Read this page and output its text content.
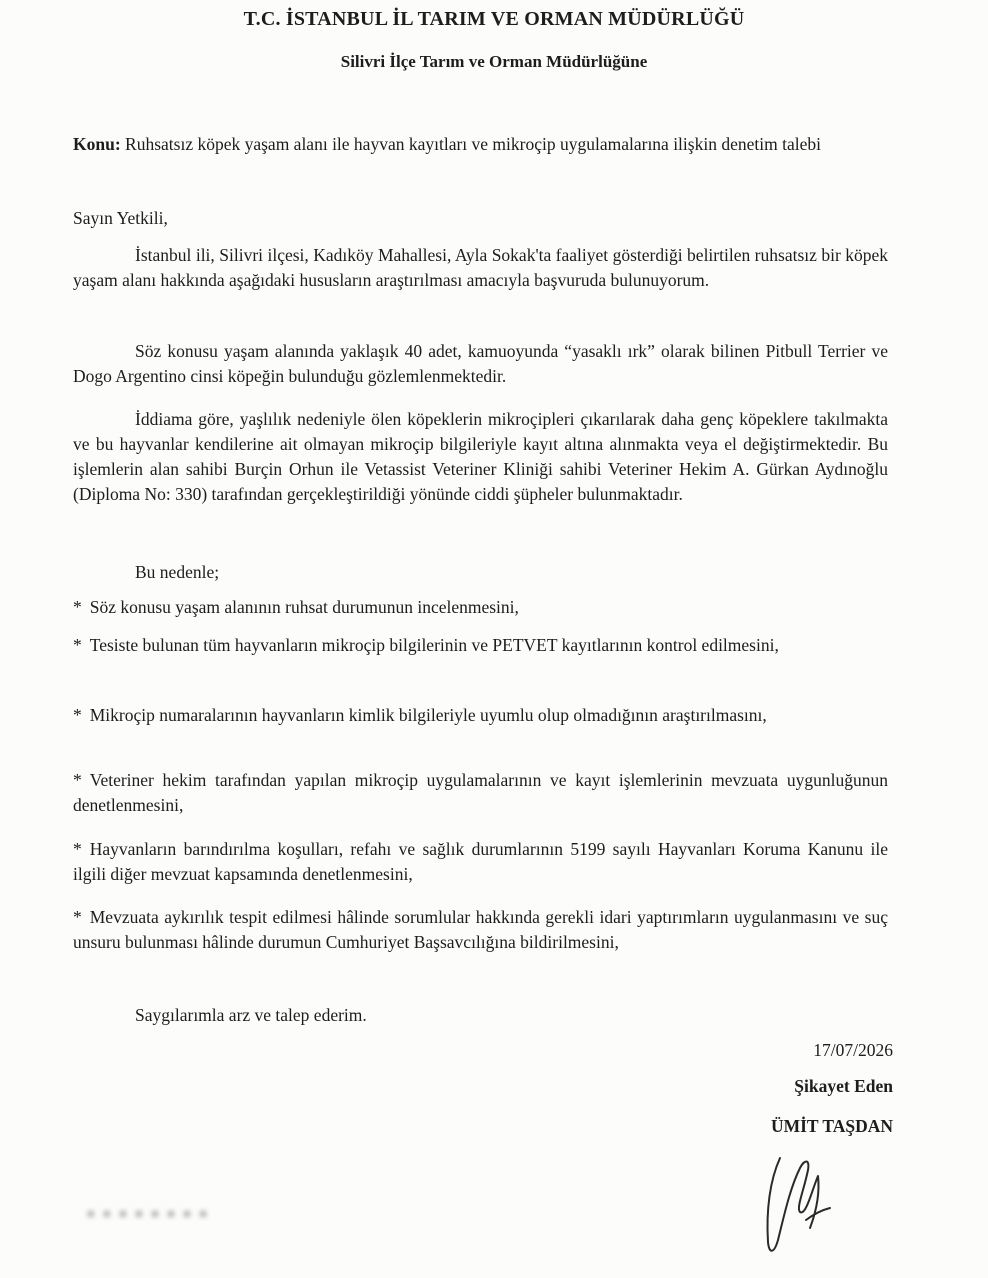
T.C. İSTANBUL İL TARIM VE ORMAN MÜDÜRLÜĞÜ
Silivri İlçe Tarım ve Orman Müdürlüğüne

Konu: Ruhsatsız köpek yaşam alanı ile hayvan kayıtları ve mikroçip uygulamalarına ilişkin denetim talebi

Sayın Yetkili,

İstanbul ili, Silivri ilçesi, Kadıköy Mahallesi, Ayla Sokak'ta faaliyet gösterdiği belirtilen ruhsatsız bir köpek yaşam alanı hakkında aşağıdaki hususların araştırılması amacıyla başvuruda bulunuyorum.

Söz konusu yaşam alanında yaklaşık 40 adet, kamuoyunda “yasaklı ırk” olarak bilinen Pitbull Terrier ve Dogo Argentino cinsi köpeğin bulunduğu gözlemlenmektedir.

İddiama göre, yaşlılık nedeniyle ölen köpeklerin mikroçipleri çıkarılarak daha genç köpeklere takılmakta ve bu hayvanlar kendilerine ait olmayan mikroçip bilgileriyle kayıt altına alınmakta veya el değiştirmektedir. Bu işlemlerin alan sahibi Burçin Orhun ile Vetassist Veteriner Kliniği sahibi Veteriner Hekim A. Gürkan Aydınoğlu (Diploma No: 330) tarafından gerçekleştirildiği yönünde ciddi şüpheler bulunmaktadır.

Bu nedenle;

* Söz konusu yaşam alanının ruhsat durumunun incelenmesini,

* Tesiste bulunan tüm hayvanların mikroçip bilgilerinin ve PETVET kayıtlarının kontrol edilmesini,

* Mikroçip numaralarının hayvanların kimlik bilgileriyle uyumlu olup olmadığının araştırılmasını,

* Veteriner hekim tarafından yapılan mikroçip uygulamalarının ve kayıt işlemlerinin mevzuata uygunluğunun denetlenmesini,

* Hayvanların barındırılma koşulları, refahı ve sağlık durumlarının 5199 sayılı Hayvanları Koruma Kanunu ile ilgili diğer mevzuat kapsamında denetlenmesini,

* Mevzuata aykırılık tespit edilmesi hâlinde sorumlular hakkında gerekli idari yaptırımların uygulanmasını ve suç unsuru bulunması hâlinde durumun Cumhuriyet Başsavcılığına bildirilmesini,

Saygılarımla arz ve talep ederim.

17/07/2026
Şikayet Eden
ÜMİT TAŞDAN
• • • • • • • •
